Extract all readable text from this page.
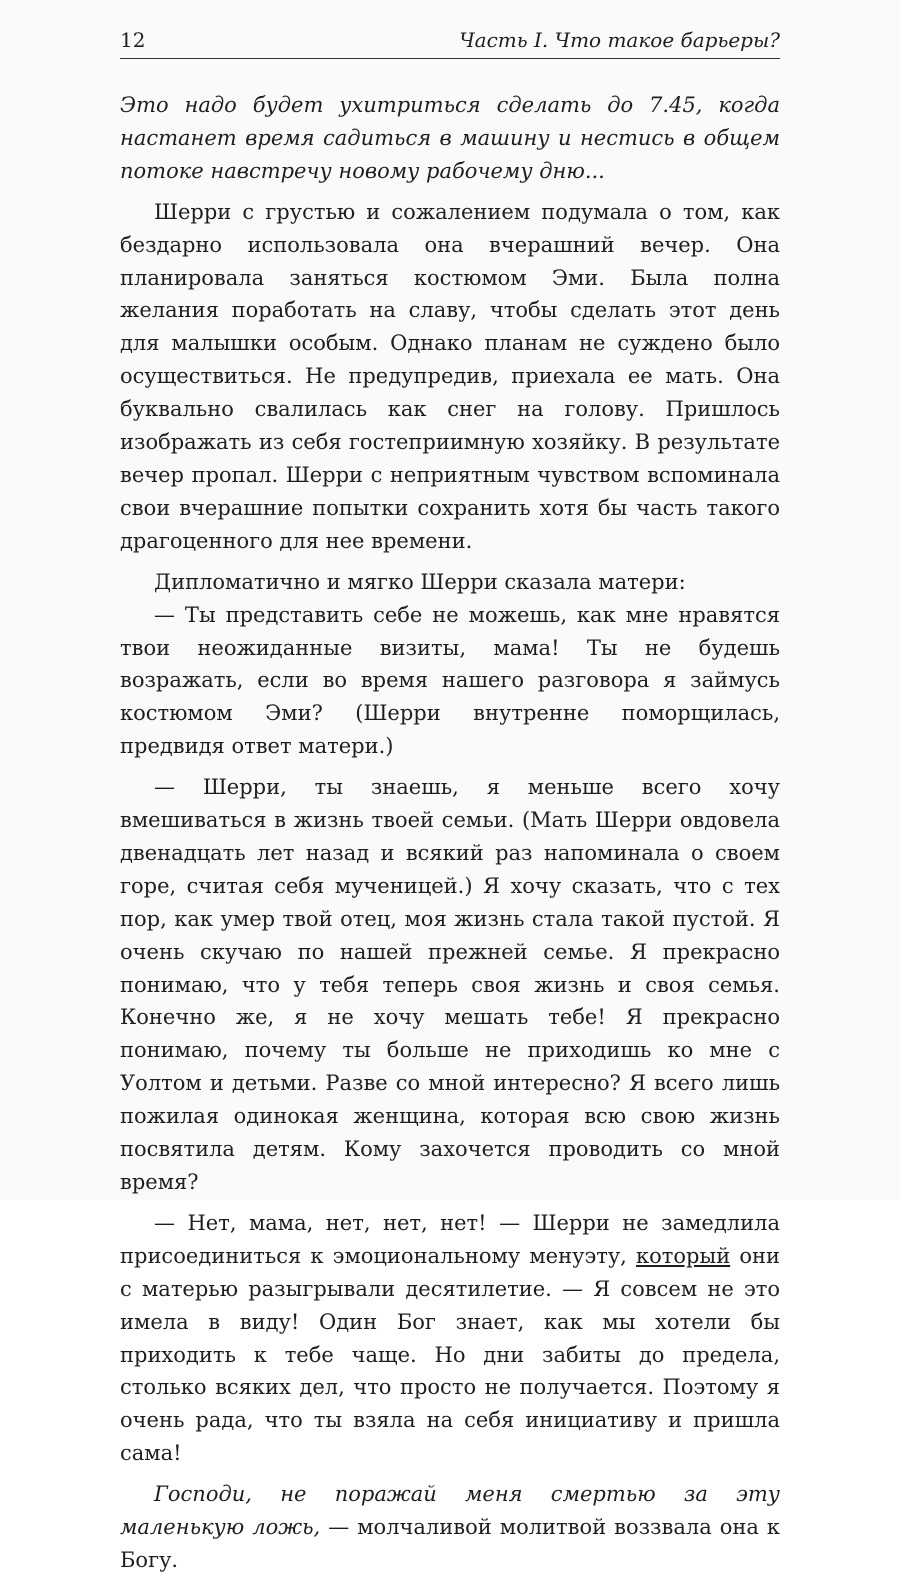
12	Часть I. Что такое барьеры?

Это надо будет ухитриться сделать до 7.45, когда настанет время садиться в машину и нестись в общем потоке навстречу новому рабочему дню...

Шерри с грустью и сожалением подумала о том, как бездарно использовала она вчерашний вечер. Она планировала заняться костюмом Эми. Была полна желания поработать на славу, чтобы сделать этот день для малышки особым. Однако планам не суждено было осуществиться. Не предупредив, приехала ее мать. Она буквально свалилась как снег на голову. Пришлось изображать из себя гостеприимную хозяйку. В результате вечер пропал. Шерри с неприятным чувством вспоминала свои вчерашние попытки сохранить хотя бы часть такого драгоценного для нее времени.

Дипломатично и мягко Шерри сказала матери:

— Ты представить себе не можешь, как мне нравятся твои неожиданные визиты, мама! Ты не будешь возражать, если во время нашего разговора я займусь костюмом Эми? (Шерри внутренне поморщилась, предвидя ответ матери.)

— Шерри, ты знаешь, я меньше всего хочу вмешиваться в жизнь твоей семьи. (Мать Шерри овдовела двенадцать лет назад и всякий раз напоминала о своем горе, считая себя мученицей.) Я хочу сказать, что с тех пор, как умер твой отец, моя жизнь стала такой пустой. Я очень скучаю по нашей прежней семье. Я прекрасно понимаю, что у тебя теперь своя жизнь и своя семья. Конечно же, я не хочу мешать тебе! Я прекрасно понимаю, почему ты больше не приходишь ко мне с Уолтом и детьми. Разве со мной интересно? Я всего лишь пожилая одинокая женщина, которая всю свою жизнь посвятила детям. Кому захочется проводить со мной время?

— Нет, мама, нет, нет, нет! — Шерри не замедлила присоединиться к эмоциональному менуэту, который они с матерью разыгрывали десятилетие. — Я совсем не это имела в виду! Один Бог знает, как мы хотели бы приходить к тебе чаще. Но дни забиты до предела, столько всяких дел, что просто не получается. Поэтому я очень рада, что ты взяла на себя инициативу и пришла сама!

Господи, не поражай меня смертью за эту маленькую ложь, — молчаливой молитвой воззвала она к Богу.
